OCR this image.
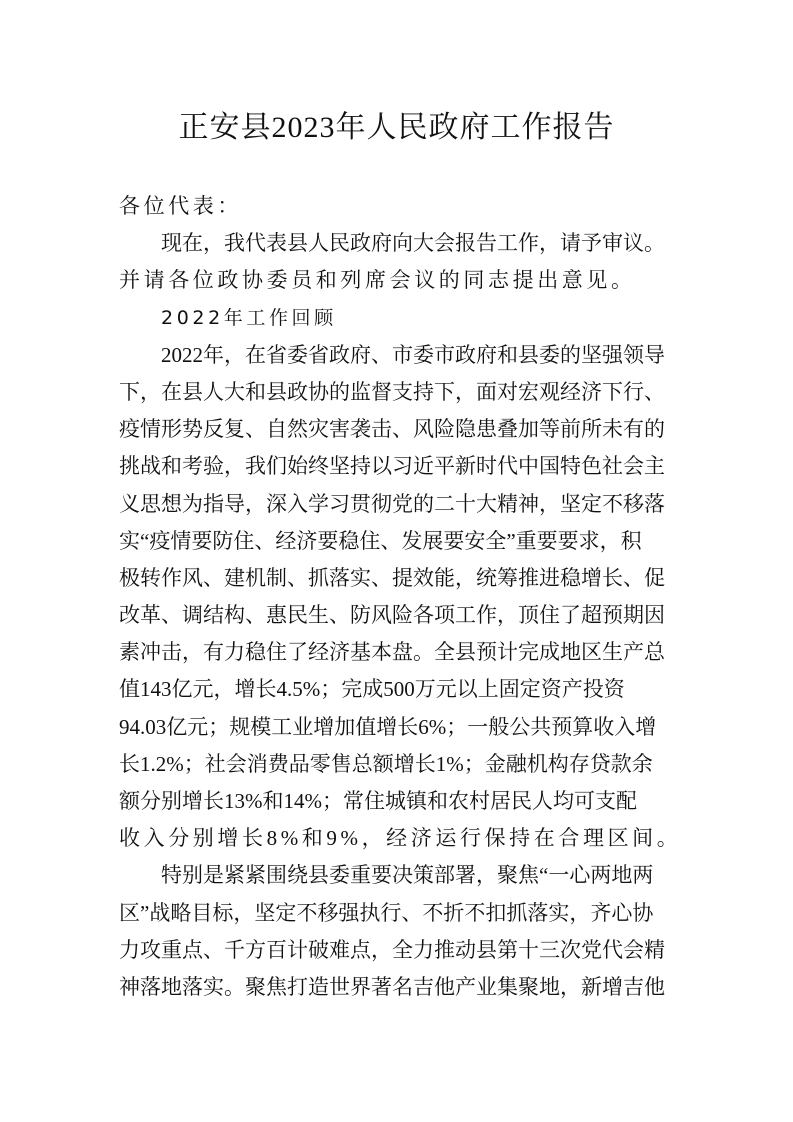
正安县2023年人民政府工作报告
各位代表：
现在，我代表县人民政府向大会报告工作，请予审议。
并请各位政协委员和列席会议的同志提出意见。
2022年工作回顾
2022年，在省委省政府、市委市政府和县委的坚强领导
下，在县人大和县政协的监督支持下，面对宏观经济下行、
疫情形势反复、自然灾害袭击、风险隐患叠加等前所未有的
挑战和考验，我们始终坚持以习近平新时代中国特色社会主
义思想为指导，深入学习贯彻党的二十大精神，坚定不移落
实“疫情要防住、经济要稳住、发展要安全”重要要求，积
极转作风、建机制、抓落实、提效能，统筹推进稳增长、促
改革、调结构、惠民生、防风险各项工作，顶住了超预期因
素冲击，有力稳住了经济基本盘。全县预计完成地区生产总
值143亿元，增长4.5%；完成500万元以上固定资产投资
94.03亿元；规模工业增加值增长6%；一般公共预算收入增
长1.2%；社会消费品零售总额增长1%；金融机构存贷款余
额分别增长13%和14%；常住城镇和农村居民人均可支配
收入分别增长8%和9%，经济运行保持在合理区间。
特别是紧紧围绕县委重要决策部署，聚焦“一心两地两
区”战略目标，坚定不移强执行、不折不扣抓落实，齐心协
力攻重点、千方百计破难点，全力推动县第十三次党代会精
神落地落实。聚焦打造世界著名吉他产业集聚地，新增吉他
